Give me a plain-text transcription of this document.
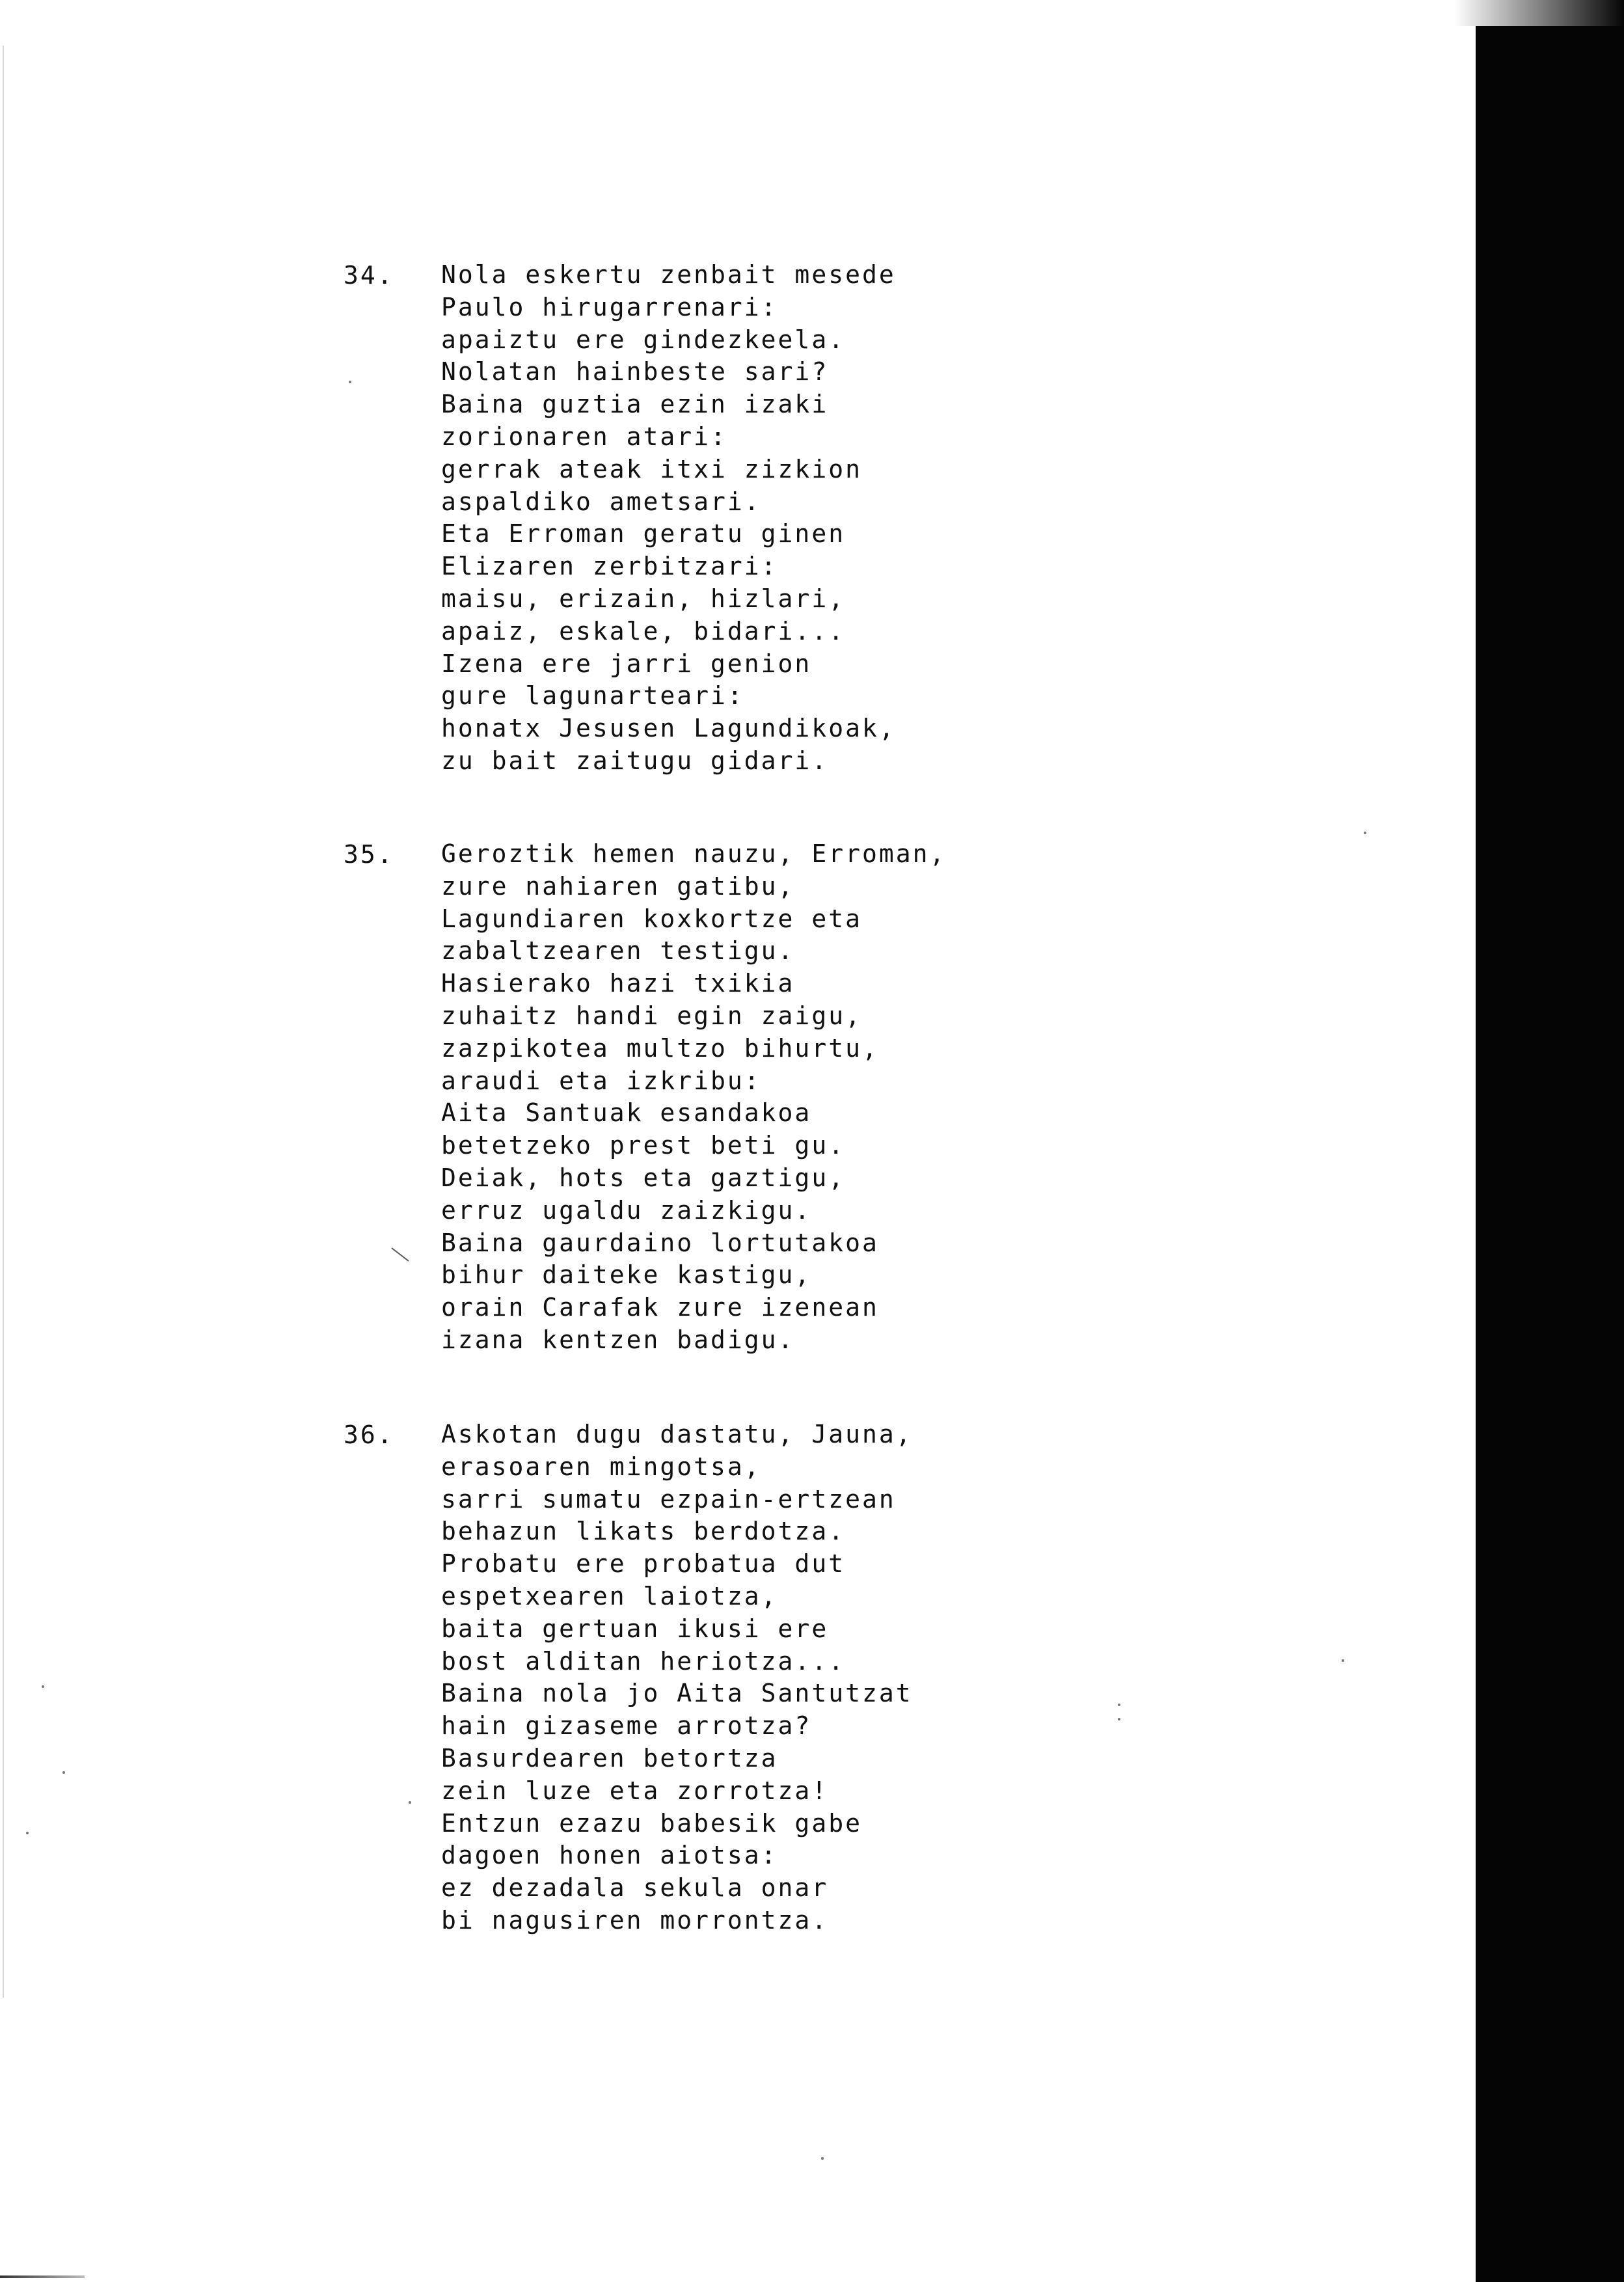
34. Nola eskertu zenbait mesede
Paulo hirugarrenari:
apaiztu ere gindezkeela.
Nolatan hainbeste sari?
Baina guztia ezin izaki
zorionaren atari:
gerrak ateak itxi zizkion
aspaldiko ametsari.
Eta Erroman geratu ginen
Elizaren zerbitzari:
maisu, erizain, hizlari,
apaiz, eskale, bidari...
Izena ere jarri genion
gure lagunarteari:
honatx Jesusen Lagundikoak,
zu bait zaitugu gidari.
35. Geroztik hemen nauzu, Erroman,
zure nahiaren gatibu,
Lagundiaren koxkortze eta
zabaltzearen testigu.
Hasierako hazi txikia
zuhaitz handi egin zaigu,
zazpikotea multzo bihurtu,
araudi eta izkribu:
Aita Santuak esandakoa
betetzeko prest beti gu.
Deiak, hots eta gaztigu,
erruz ugaldu zaizkigu.
Baina gaurdaino lortutakoa
bihur daiteke kastigu,
orain Carafak zure izenean
izana kentzen badigu.
36. Askotan dugu dastatu, Jauna,
erasoaren mingotsa,
sarri sumatu ezpain-ertzean
behazun likats berdotza.
Probatu ere probatua dut
espetxearen laiotza,
baita gertuan ikusi ere
bost alditan heriotza...
Baina nola jo Aita Santutzat
hain gizaseme arrotza?
Basurdearen betortza
zein luze eta zorrotza!
Entzun ezazu babesik gabe
dagoen honen aiotsa:
ez dezadala sekula onar
bi nagusiren morrontza.
